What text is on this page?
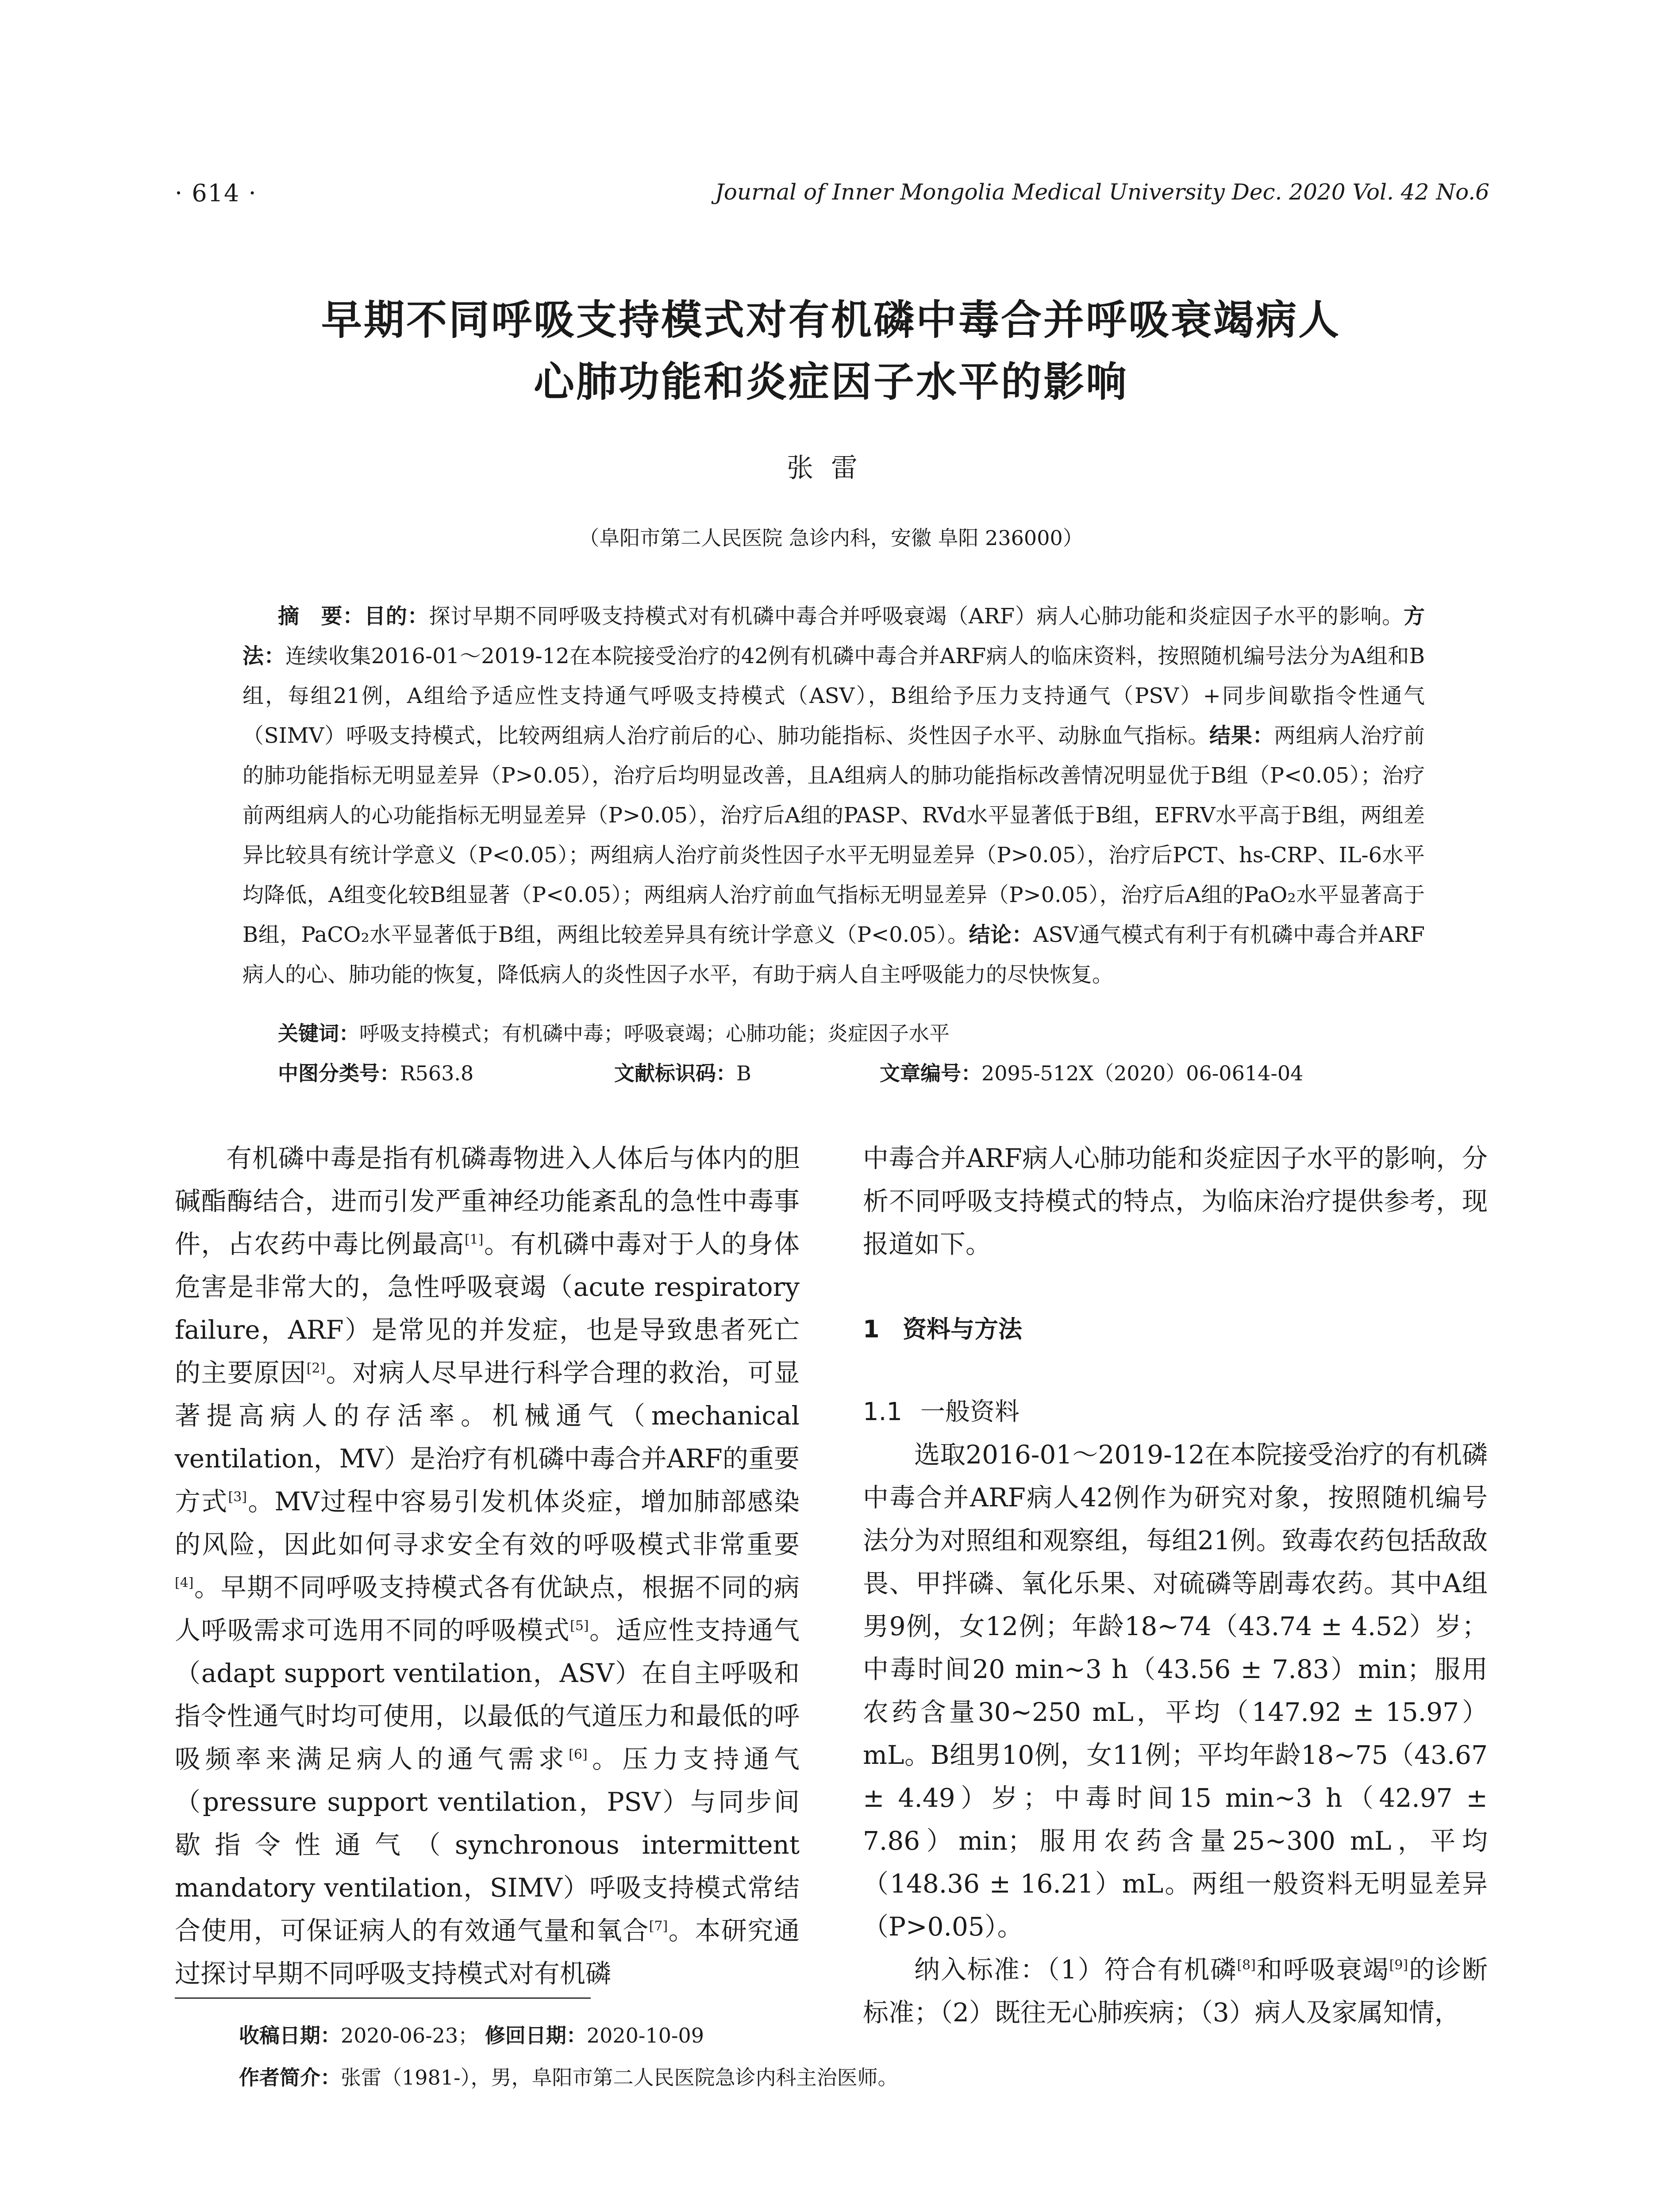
· 614 ·	Journal of Inner Mongolia Medical University Dec. 2020 Vol. 42 No.6
早期不同呼吸支持模式对有机磷中毒合并呼吸衰竭病人
心肺功能和炎症因子水平的影响
张雷
（阜阳市第二人民医院 急诊内科，安徽 阜阳 236000）
摘　要：目的：探讨早期不同呼吸支持模式对有机磷中毒合并呼吸衰竭（ARF）病人心肺功能和炎症因子水平的影响。方法：连续收集2016-01～2019-12在本院接受治疗的42例有机磷中毒合并ARF病人的临床资料，按照随机编号法分为A组和B组，每组21例，A组给予适应性支持通气呼吸支持模式（ASV），B组给予压力支持通气（PSV）+同步间歇指令性通气（SIMV）呼吸支持模式，比较两组病人治疗前后的心、肺功能指标、炎性因子水平、动脉血气指标。结果：两组病人治疗前的肺功能指标无明显差异（P>0.05），治疗后均明显改善，且A组病人的肺功能指标改善情况明显优于B组（P<0.05）；治疗前两组病人的心功能指标无明显差异（P>0.05），治疗后A组的PASP、RVd水平显著低于B组，EFRV水平高于B组，两组差异比较具有统计学意义（P<0.05）；两组病人治疗前炎性因子水平无明显差异（P>0.05），治疗后PCT、hs-CRP、IL-6水平均降低，A组变化较B组显著（P<0.05）；两组病人治疗前血气指标无明显差异（P>0.05），治疗后A组的PaO₂水平显著高于B组，PaCO₂水平显著低于B组，两组比较差异具有统计学意义（P<0.05）。结论：ASV通气模式有利于有机磷中毒合并ARF病人的心、肺功能的恢复，降低病人的炎性因子水平，有助于病人自主呼吸能力的尽快恢复。
关键词：呼吸支持模式；有机磷中毒；呼吸衰竭；心肺功能；炎症因子水平
中图分类号：R563.8	文献标识码：B	文章编号：2095-512X（2020）06-0614-04

有机磷中毒是指有机磷毒物进入人体后与体内的胆碱酯酶结合，进而引发严重神经功能紊乱的急性中毒事件，占农药中毒比例最高[1]。有机磷中毒对于人的身体危害是非常大的，急性呼吸衰竭（acute respiratory failure，ARF）是常见的并发症，也是导致患者死亡的主要原因[2]。对病人尽早进行科学合理的救治，可显著提高病人的存活率。机械通气（mechanical ventilation，MV）是治疗有机磷中毒合并ARF的重要方式[3]。MV过程中容易引发机体炎症，增加肺部感染的风险，因此如何寻求安全有效的呼吸模式非常重要[4]。早期不同呼吸支持模式各有优缺点，根据不同的病人呼吸需求可选用不同的呼吸模式[5]。适应性支持通气（adapt support ventilation，ASV）在自主呼吸和指令性通气时均可使用，以最低的气道压力和最低的呼吸频率来满足病人的通气需求[6]。压力支持通气（pressure support ventilation，PSV）与同步间歇指令性通气（synchronous intermittent mandatory ventilation，SIMV）呼吸支持模式常结合使用，可保证病人的有效通气量和氧合[7]。本研究通过探讨早期不同呼吸支持模式对有机磷

中毒合并ARF病人心肺功能和炎症因子水平的影响，分析不同呼吸支持模式的特点，为临床治疗提供参考，现报道如下。

1 资料与方法
1.1 一般资料

选取2016-01～2019-12在本院接受治疗的有机磷中毒合并ARF病人42例作为研究对象，按照随机编号法分为对照组和观察组，每组21例。致毒农药包括敌敌畏、甲拌磷、氧化乐果、对硫磷等剧毒农药。其中A组男9例，女12例；年龄18~74（43.74 ± 4.52）岁；中毒时间20 min~3 h（43.56 ± 7.83）min；服用农药含量30~250 mL，平均（147.92 ± 15.97）mL。B组男10例，女11例；平均年龄18~75（43.67 ± 4.49）岁；中毒时间15 min~3 h（42.97 ± 7.86）min；服用农药含量25~300 mL，平均（148.36 ± 16.21）mL。两组一般资料无明显差异（P>0.05）。

纳入标准：（1）符合有机磷[8]和呼吸衰竭[9]的诊断标准；（2）既往无心肺疾病；（3）病人及家属知情，

收稿日期：2020-06-23； 修回日期：2020-10-09
作者简介：张雷（1981-），男，阜阳市第二人民医院急诊内科主治医师。
